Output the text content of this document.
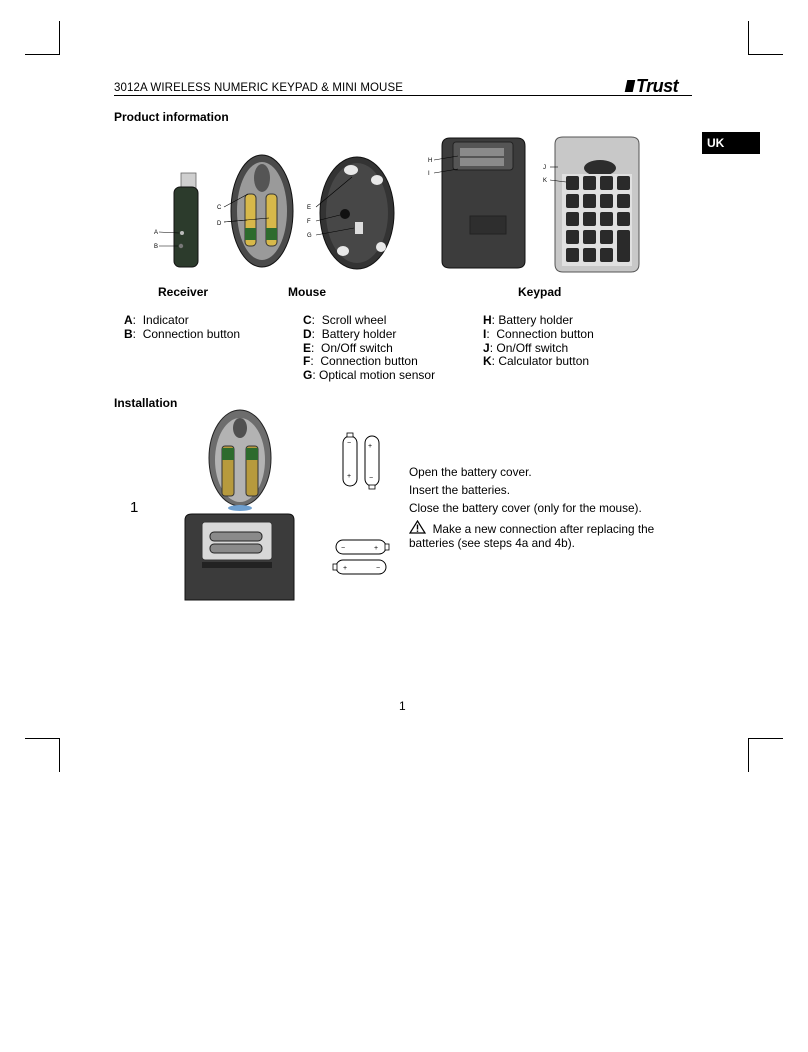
3012A WIRELESS NUMERIC KEYPAD & MINI MOUSE	Trust
UK
Product information
A
B
C
D
E
F
G
H
I
J
K
Receiver	Mouse	Keypad
A:  Indicator
B:  Connection button
C:  Scroll wheel
D:  Battery holder
E:  On/Off switch
F:  Connection button
G: Optical motion sensor
H: Battery holder
I:  Connection button
J: On/Off switch
K: Calculator button
Installation
1
−
+
+
−
−	+
+	−
Open the battery cover.
Insert the batteries.
Close the battery cover (only for the mouse).
Make a new connection after replacing the batteries (see steps 4a and 4b).
1
